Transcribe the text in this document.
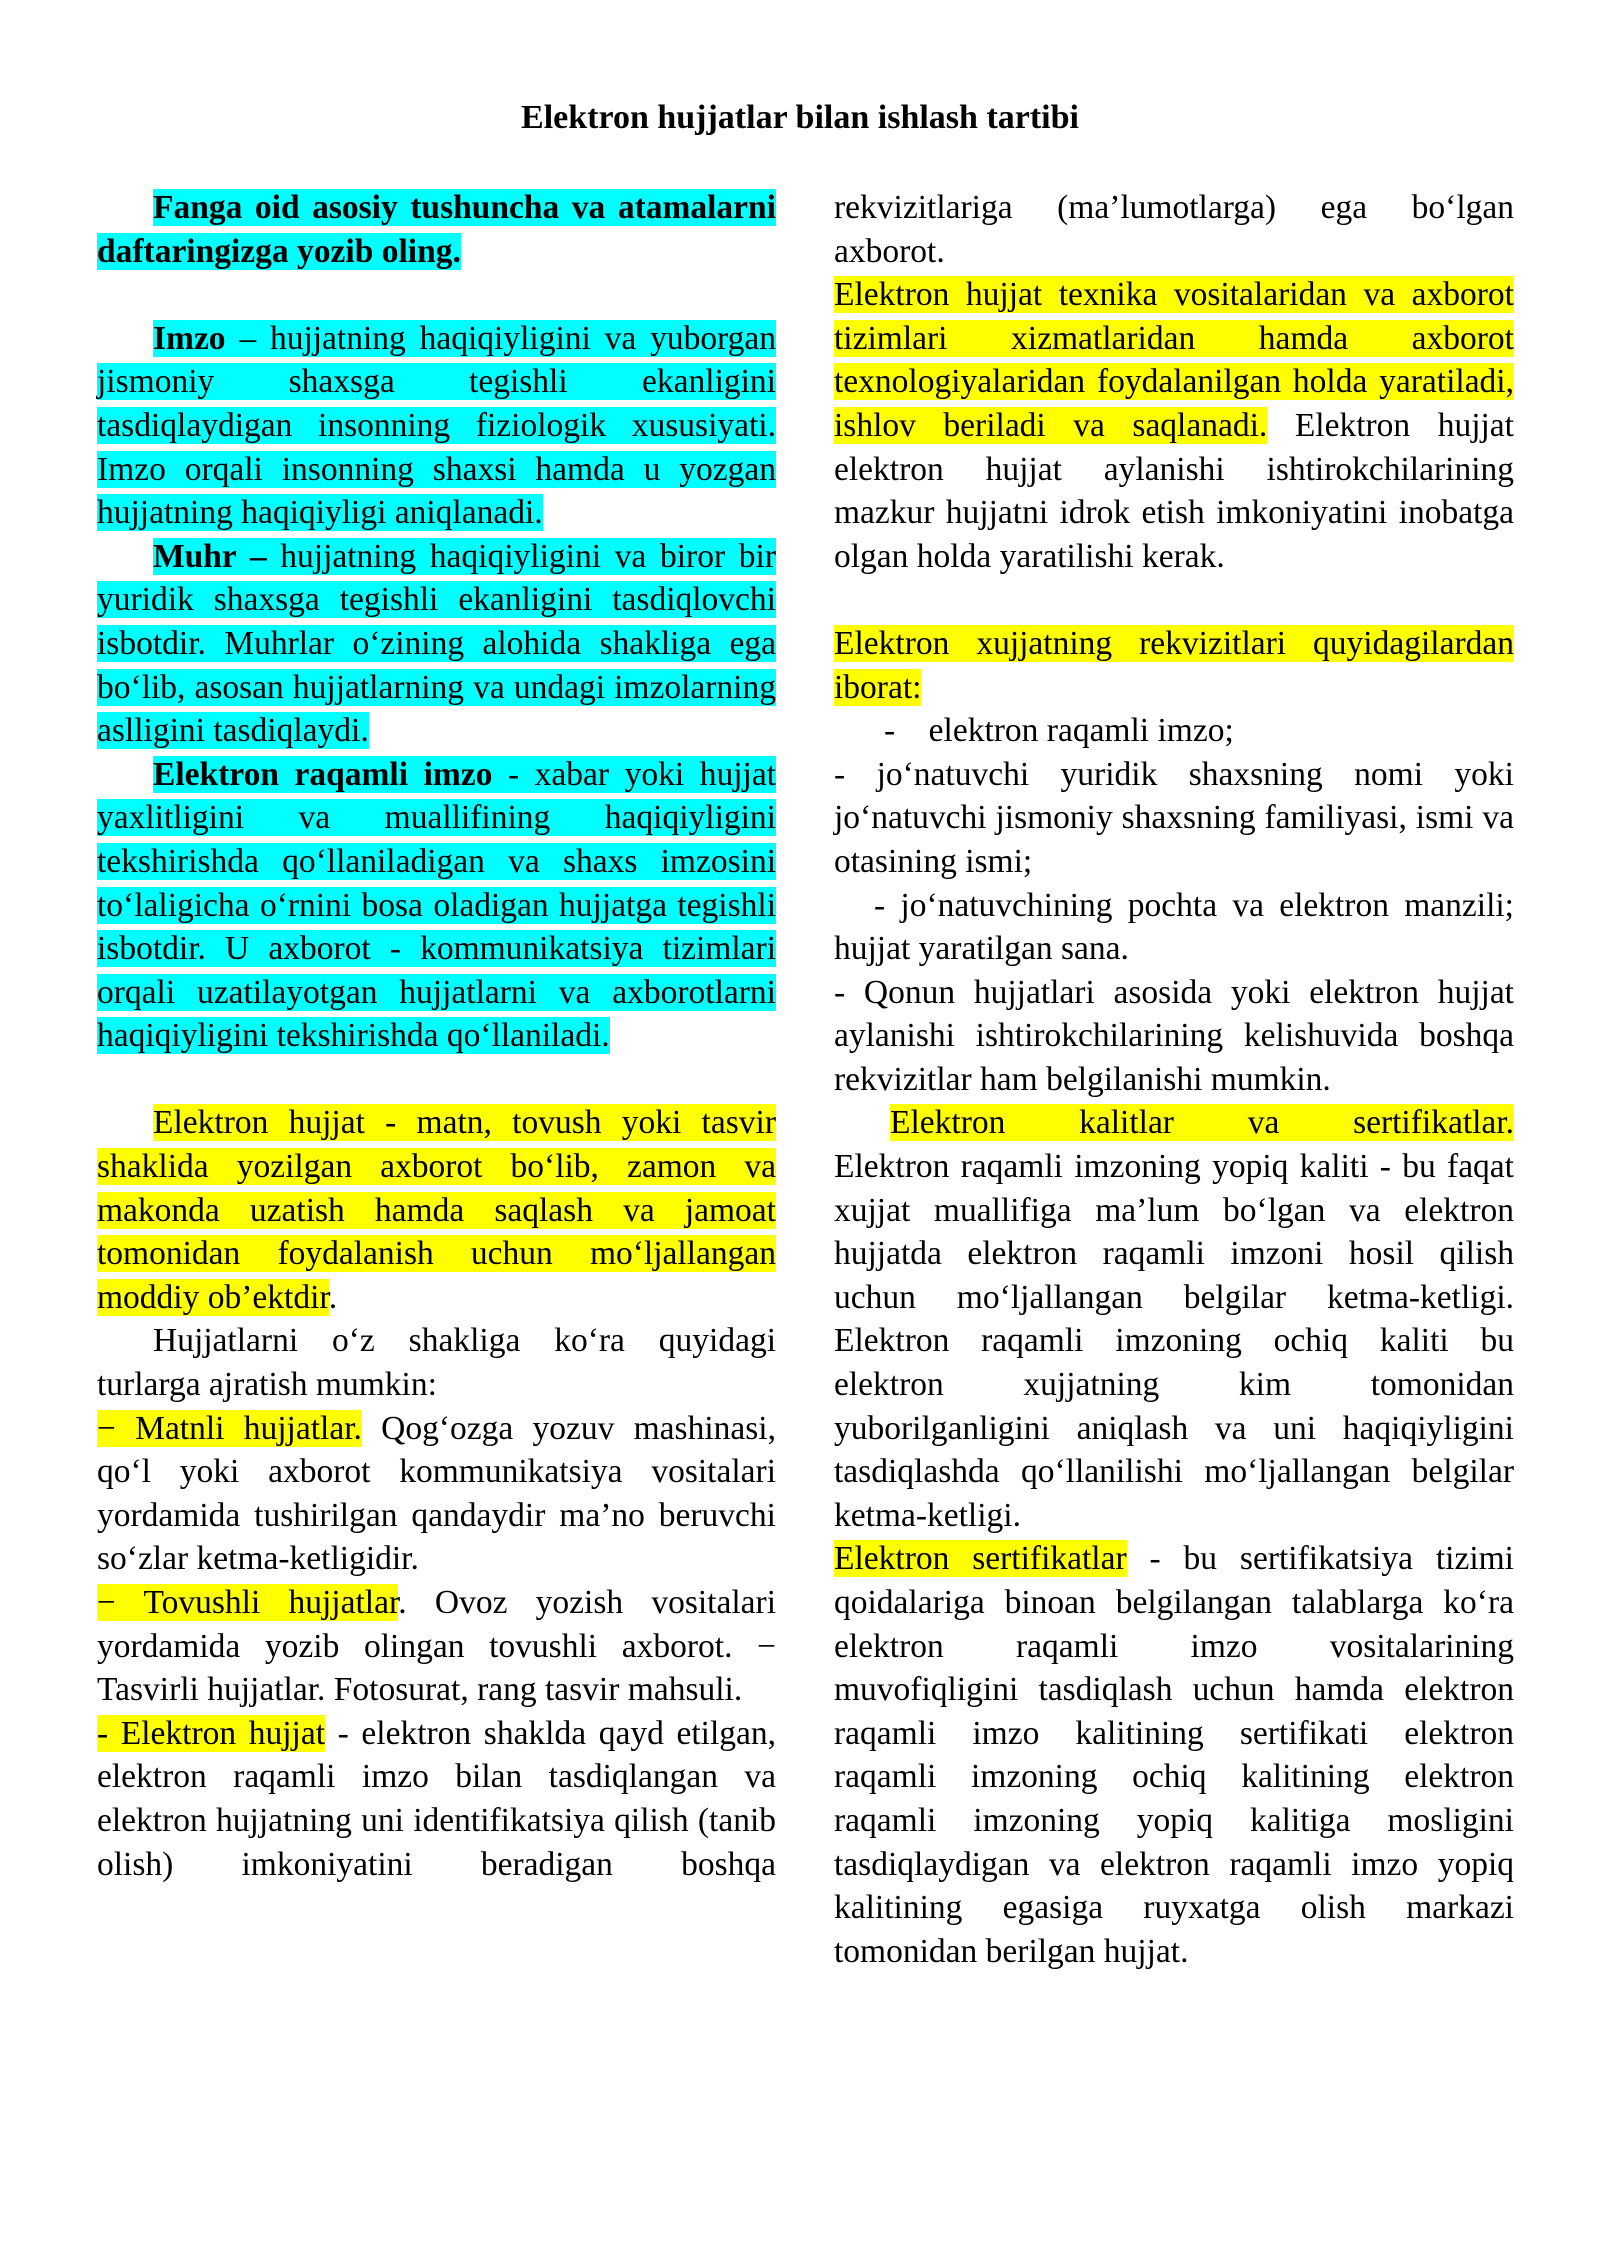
Elektron hujjatlar bilan ishlash tartibi

Fanga oid asosiy tushuncha va atamalarni daftaringizga yozib oling.

Imzo – hujjatning haqiqiyligini va yuborgan jismoniy shaxsga tegishli ekanligini tasdiqlaydigan insonning fiziologik xususiyati. Imzo orqali insonning shaxsi hamda u yozgan hujjatning haqiqiyligi aniqlanadi.

Muhr – hujjatning haqiqiyligini va biror bir yuridik shaxsga tegishli ekanligini tasdiqlovchi isbotdir. Muhrlar o‘zining alohida shakliga ega bo‘lib, asosan hujjatlarning va undagi imzolarning aslligini tasdiqlaydi.

Elektron raqamli imzo - xabar yoki hujjat yaxlitligini va muallifining haqiqiyligini tekshirishda qo‘llaniladigan va shaxs imzosini to‘laligicha o‘rnini bosa oladigan hujjatga tegishli isbotdir. U axborot - kommunikatsiya tizimlari orqali uzatilayotgan hujjatlarni va axborotlarni haqiqiyligini tekshirishda qo‘llaniladi.

Elektron hujjat - matn, tovush yoki tasvir shaklida yozilgan axborot bo‘lib, zamon va makonda uzatish hamda saqlash va jamoat tomonidan foydalanish uchun mo‘ljallangan moddiy ob’ektdir.

Hujjatlarni o‘z shakliga ko‘ra quyidagi turlarga ajratish mumkin:

− Matnli hujjatlar. Qog‘ozga yozuv mashinasi, qo‘l yoki axborot kommunikatsiya vositalari yordamida tushirilgan qandaydir ma’no beruvchi so‘zlar ketma-ketligidir.

− Tovushli hujjatlar. Ovoz yozish vositalari yordamida yozib olingan tovushli axborot. − Tasvirli hujjatlar. Fotosurat, rang tasvir mahsuli.

- Elektron hujjat - elektron shaklda qayd etilgan, elektron raqamli imzo bilan tasdiqlangan va elektron hujjatning uni identifikatsiya qilish (tanib olish) imkoniyatini beradigan boshqa

rekvizitlariga (ma’lumotlarga) ega bo‘lgan axborot.

Elektron hujjat texnika vositalaridan va axborot tizimlari xizmatlaridan hamda axborot texnologiyalaridan foydalanilgan holda yaratiladi, ishlov beriladi va saqlanadi. Elektron hujjat elektron hujjat aylanishi ishtirokchilarining mazkur hujjatni idrok etish imkoniyatini inobatga olgan holda yaratilishi kerak.

Elektron xujjatning rekvizitlari quyidagilardan iborat:

-    elektron raqamli imzo;

- jo‘natuvchi yuridik shaxsning nomi yoki jo‘natuvchi jismoniy shaxsning familiyasi, ismi va otasining ismi;

- jo‘natuvchining pochta va elektron manzili; hujjat yaratilgan sana.

- Qonun hujjatlari asosida yoki elektron hujjat aylanishi ishtirokchilarining kelishuvida boshqa rekvizitlar ham belgilanishi mumkin.

Elektron kalitlar va sertifikatlar.

Elektron raqamli imzoning yopiq kaliti - bu faqat xujjat muallifiga ma’lum bo‘lgan va elektron hujjatda elektron raqamli imzoni hosil qilish uchun mo‘ljallangan belgilar ketma-ketligi. Elektron raqamli imzoning ochiq kaliti bu elektron xujjatning kim tomonidan yuborilganligini aniqlash va uni haqiqiyligini tasdiqlashda qo‘llanilishi mo‘ljallangan belgilar ketma-ketligi.

Elektron sertifikatlar - bu sertifikatsiya tizimi qoidalariga binoan belgilangan talablarga ko‘ra elektron raqamli imzo vositalarining muvofiqligini tasdiqlash uchun hamda elektron raqamli imzo kalitining sertifikati elektron raqamli imzoning ochiq kalitining elektron raqamli imzoning yopiq kalitiga mosligini tasdiqlaydigan va elektron raqamli imzo yopiq kalitining egasiga ruyxatga olish markazi tomonidan berilgan hujjat.
